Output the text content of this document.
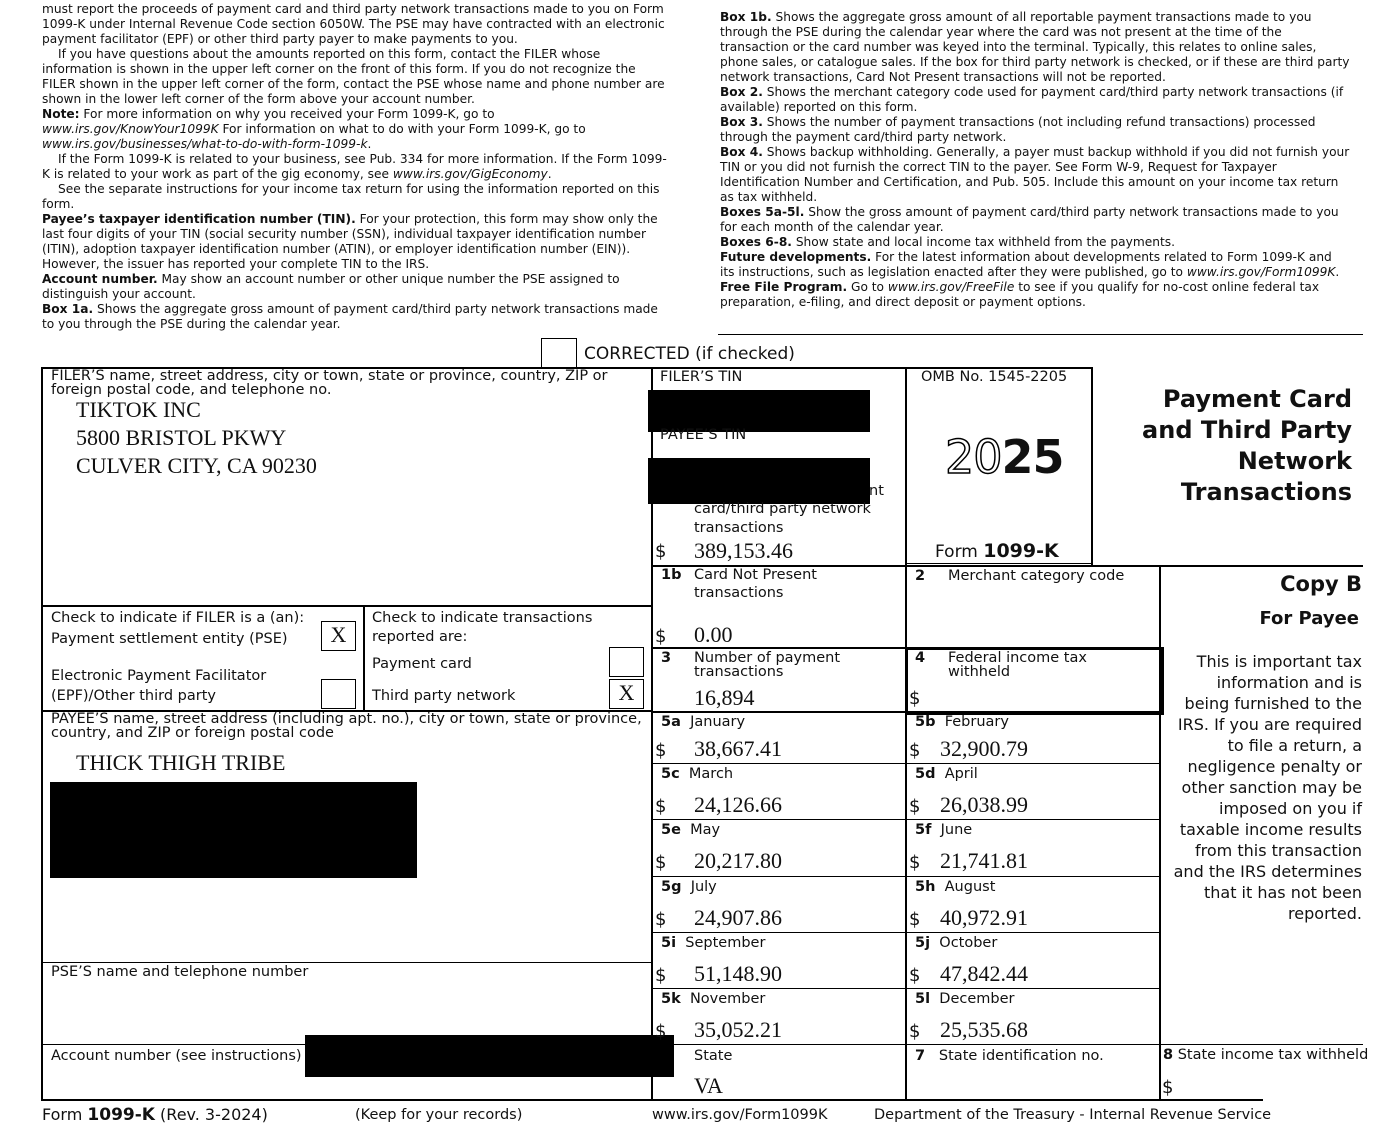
must report the proceeds of payment card and third party network transactions made to you on Form 1099-K under Internal Revenue Code section 6050W. The PSE may have contracted with an electronic payment facilitator (EPF) or other third party payer to make payments to you.

If you have questions about the amounts reported on this form, contact the FILER whose information is shown in the upper left corner on the front of this form. If you do not recognize the FILER shown in the upper left corner of the form, contact the PSE whose name and phone number are shown in the lower left corner of the form above your account number.

Note: For more information on why you received your Form 1099-K, go to www.irs.gov/KnowYour1099K For information on what to do with your Form 1099-K, go to www.irs.gov/businesses/what-to-do-with-form-1099-k.

If the Form 1099-K is related to your business, see Pub. 334 for more information. If the Form 1099-K is related to your work as part of the gig economy, see www.irs.gov/GigEconomy.

See the separate instructions for your income tax return for using the information reported on this form.

Payee’s taxpayer identification number (TIN). For your protection, this form may show only the last four digits of your TIN (social security number (SSN), individual taxpayer identification number (ITIN), adoption taxpayer identification number (ATIN), or employer identification number (EIN)). However, the issuer has reported your complete TIN to the IRS.

Account number. May show an account number or other unique number the PSE assigned to distinguish your account.

Box 1a. Shows the aggregate gross amount of payment card/third party network transactions made to you through the PSE during the calendar year.

Box 1b. Shows the aggregate gross amount of all reportable payment transactions made to you through the PSE during the calendar year where the card was not present at the time of the transaction or the card number was keyed into the terminal. Typically, this relates to online sales, phone sales, or catalogue sales. If the box for third party network is checked, or if these are third party network transactions, Card Not Present transactions will not be reported.

Box 2. Shows the merchant category code used for payment card/third party network transactions (if available) reported on this form.

Box 3. Shows the number of payment transactions (not including refund transactions) processed through the payment card/third party network.

Box 4. Shows backup withholding. Generally, a payer must backup withhold if you did not furnish your TIN or you did not furnish the correct TIN to the payer. See Form W-9, Request for Taxpayer Identification Number and Certification, and Pub. 505. Include this amount on your income tax return as tax withheld.

Boxes 5a-5l. Show the gross amount of payment card/third party network transactions made to you for each month of the calendar year.

Boxes 6-8. Show state and local income tax withheld from the payments.

Future developments. For the latest information about developments related to Form 1099-K and its instructions, such as legislation enacted after they were published, go to www.irs.gov/Form1099K.

Free File Program. Go to www.irs.gov/FreeFile to see if you qualify for no-cost online federal tax preparation, e-filing, and direct deposit or payment options.

CORRECTED (if checked)
FILER’S name, street address, city or town, state or province, country, ZIP or foreign postal code, and telephone no.
TIKTOK INC
5800 BRISTOL PKWY
CULVER CITY, CA 90230
FILER’S TIN
PAYEE’S TIN
nt
card/third party network
transactions
$ 389,153.46
OMB No. 1545-2205
2025
Form 1099-K
Payment Card
and Third Party
Network
Transactions
Check to indicate if FILER is a (an):
Payment settlement entity (PSE)	X
Electronic Payment Facilitator
(EPF)/Other third party
Check to indicate transactions
reported are:
Payment card
Third party network	X
1b Card Not Present
transactions
$ 0.00
2 Merchant category code
3 Number of payment
transactions
16,894
4 Federal income tax
withheld
$
PAYEE’S name, street address (including apt. no.), city or town, state or province,
country, and ZIP or foreign postal code
THICK THIGH TRIBE
PSE’S name and telephone number
Account number (see instructions)
5a January
$ 38,667.41
5b February
$ 32,900.79
5c March
$ 24,126.66
5d April
$ 26,038.99
5e May
$ 20,217.80
5f June
$ 21,741.81
5g July
$ 24,907.86
5h August
$ 40,972.91
5i September
$ 51,148.90
5j October
$ 47,842.44
5k November
$ 35,052.21
5l December
$ 25,535.68
State
VA
7 State identification no.	8 State income tax withheld
$
Copy B
For Payee
This is important tax information and is being furnished to the IRS. If you are required to file a return, a negligence penalty or other sanction may be imposed on you if taxable income results from this transaction and the IRS determines that it has not been reported.
Form 1099-K (Rev. 3-2024)	(Keep for your records)	www.irs.gov/Form1099K	Department of the Treasury - Internal Revenue Service
